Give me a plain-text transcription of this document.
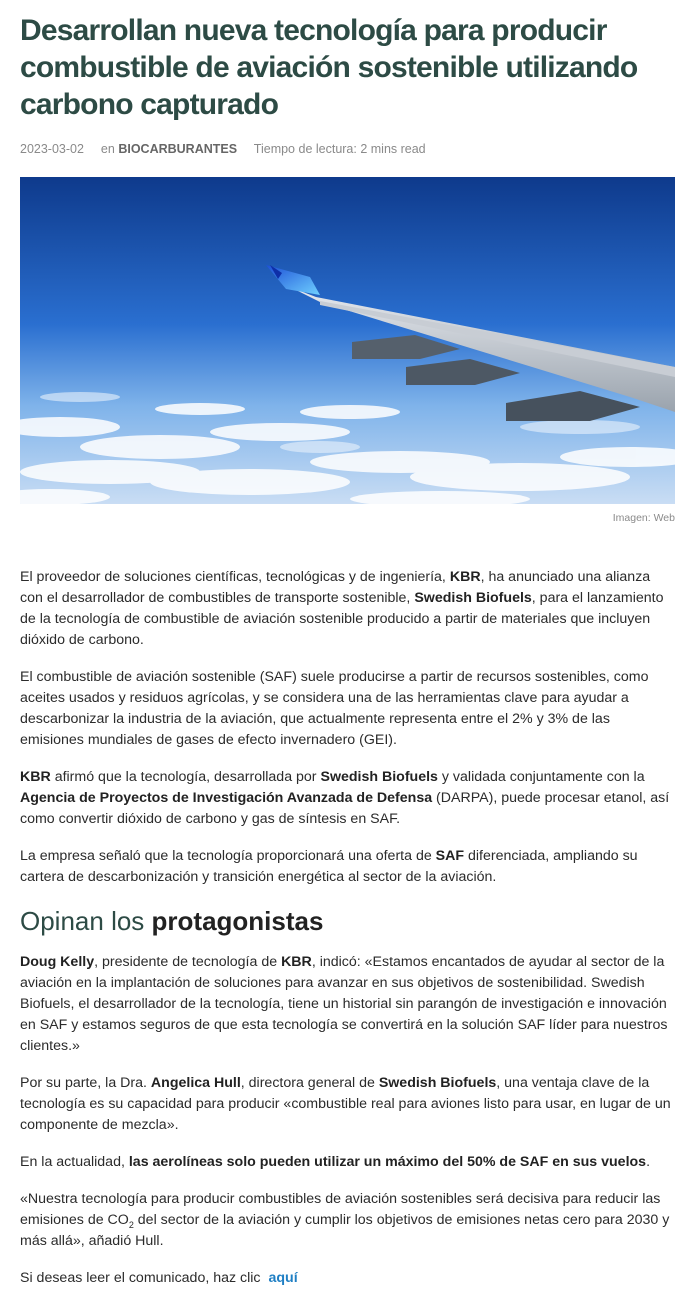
Desarrollan nueva tecnología para producir combustible de aviación sostenible utilizando carbono capturado
2023-03-02 en BIOCARBURANTES Tiempo de lectura: 2 mins read
Imagen: Web

El proveedor de soluciones científicas, tecnológicas y de ingeniería, KBR, ha anunciado una alianza con el desarrollador de combustibles de transporte sostenible, Swedish Biofuels, para el lanzamiento de la tecnología de combustible de aviación sostenible producido a partir de materiales que incluyen dióxido de carbono.

El combustible de aviación sostenible (SAF) suele producirse a partir de recursos sostenibles, como aceites usados y residuos agrícolas, y se considera una de las herramientas clave para ayudar a descarbonizar la industria de la aviación, que actualmente representa entre el 2% y 3% de las emisiones mundiales de gases de efecto invernadero (GEI).

KBR afirmó que la tecnología, desarrollada por Swedish Biofuels y validada conjuntamente con la Agencia de Proyectos de Investigación Avanzada de Defensa (DARPA), puede procesar etanol, así como convertir dióxido de carbono y gas de síntesis en SAF.

La empresa señaló que la tecnología proporcionará una oferta de SAF diferenciada, ampliando su cartera de descarbonización y transición energética al sector de la aviación.

Opinan los protagonistas

Doug Kelly, presidente de tecnología de KBR, indicó: «Estamos encantados de ayudar al sector de la aviación en la implantación de soluciones para avanzar en sus objetivos de sostenibilidad. Swedish Biofuels, el desarrollador de la tecnología, tiene un historial sin parangón de investigación e innovación en SAF y estamos seguros de que esta tecnología se convertirá en la solución SAF líder para nuestros clientes.»

Por su parte, la Dra. Angelica Hull, directora general de Swedish Biofuels, una ventaja clave de la tecnología es su capacidad para producir «combustible real para aviones listo para usar, en lugar de un componente de mezcla».

En la actualidad, las aerolíneas solo pueden utilizar un máximo del 50% de SAF en sus vuelos.

«Nuestra tecnología para producir combustibles de aviación sostenibles será decisiva para reducir las emisiones de $CO_2$ del sector de la aviación y cumplir los objetivos de emisiones netas cero para 2030 y más allá», añadió Hull.

Si deseas leer el comunicado, haz clic aquí
